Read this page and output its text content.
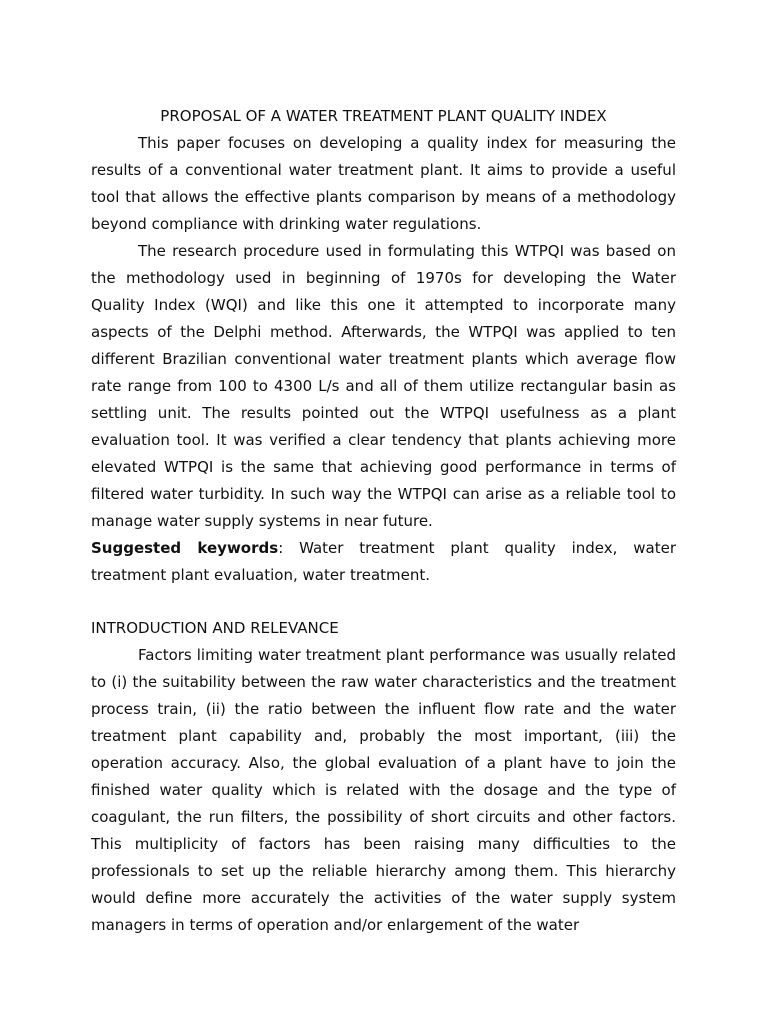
PROPOSAL OF A WATER TREATMENT PLANT QUALITY INDEX

This paper focuses on developing a quality index for measuring the results of a conventional water treatment plant. It aims to provide a useful tool that allows the effective plants comparison by means of a methodology beyond compliance with drinking water regulations.

The research procedure used in formulating this WTPQI was based on the methodology used in beginning of 1970s for developing the Water Quality Index (WQI) and like this one it attempted to incorporate many aspects of the Delphi method. Afterwards, the WTPQI was applied to ten different Brazilian conventional water treatment plants which average flow rate range from 100 to 4300 L/s and all of them utilize rectangular basin as settling unit. The results pointed out the WTPQI usefulness as a plant evaluation tool. It was verified a clear tendency that plants achieving more elevated WTPQI is the same that achieving good performance in terms of filtered water turbidity. In such way the WTPQI can arise as a reliable tool to manage water supply systems in near future.

Suggested keywords: Water treatment plant quality index, water treatment plant evaluation, water treatment.

INTRODUCTION AND RELEVANCE

Factors limiting water treatment plant performance was usually related to (i) the suitability between the raw water characteristics and the treatment process train, (ii) the ratio between the influent flow rate and the water treatment plant capability and, probably the most important, (iii) the operation accuracy. Also, the global evaluation of a plant have to join the finished water quality which is related with the dosage and the type of coagulant, the run filters, the possibility of short circuits and other factors. This multiplicity of factors has been raising many difficulties to the professionals to set up the reliable hierarchy among them. This hierarchy would define more accurately the activities of the water supply system managers in terms of operation and/or enlargement of the water
